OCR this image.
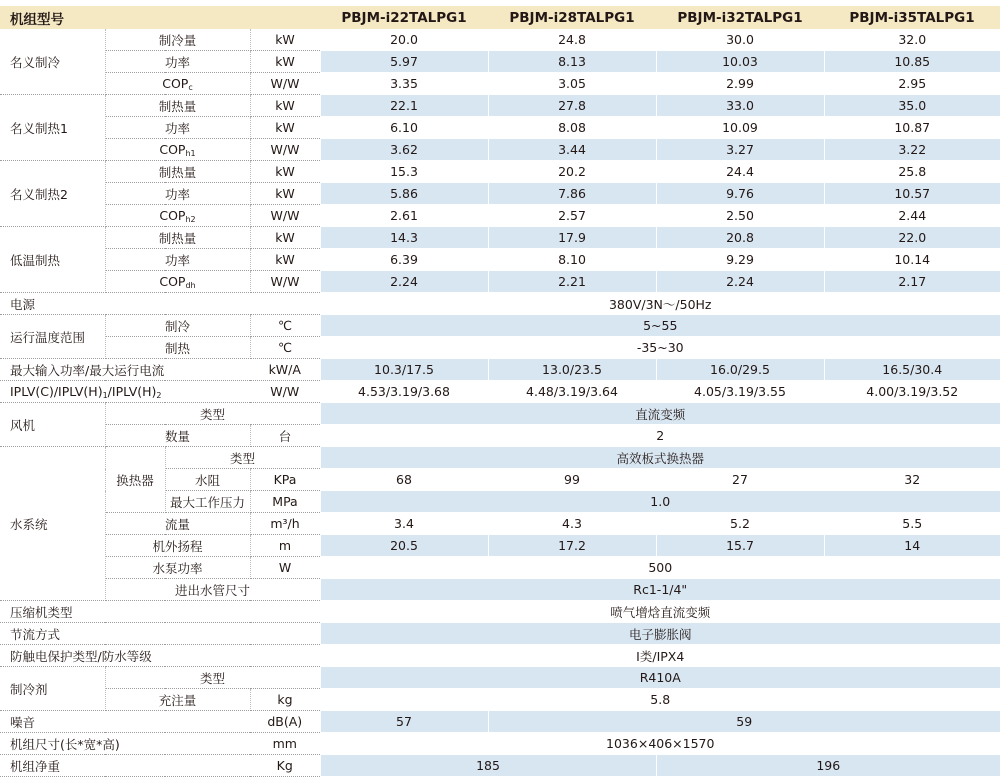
机组型号				PBJM-i22TALPG1	PBJM-i28TALPG1	PBJM-i32TALPG1	PBJM-i35TALPG1
名义制冷	制冷量		kW	20.0	24.8	30.0	32.0
	功率		kW	5.97	8.13	10.03	10.85
	COPc		W/W	3.35	3.05	2.99	2.95
名义制热1	制热量		kW	22.1	27.8	33.0	35.0
	功率		kW	6.10	8.08	10.09	10.87
	COPh1		W/W	3.62	3.44	3.27	3.22
名义制热2	制热量		kW	15.3	20.2	24.4	25.8
	功率		kW	5.86	7.86	9.76	10.57
	COPh2		W/W	2.61	2.57	2.50	2.44
低温制热	制热量		kW	14.3	17.9	20.8	22.0
	功率		kW	6.39	8.10	9.29	10.14
	COPdh		W/W	2.24	2.21	2.24	2.17
电源				380V/3N～/50Hz			
运行温度范围	制冷		℃	5~55			
	制热		℃	-35~30			
最大输入功率/最大运行电流			kW/A	10.3/17.5	13.0/23.5	16.0/29.5	16.5/30.4
IPLV(C)/IPLV(H)1/IPLV(H)2			W/W	4.53/3.19/3.68	4.48/3.19/3.64	4.05/3.19/3.55	4.00/3.19/3.52
风机	类型			直流变频			
	数量		台	2			
水系统	换热器	类型		高效板式换热器			
		水阻	KPa	68	99	27	32
		最大工作压力	MPa	1.0			
	流量		m³/h	3.4	4.3	5.2	5.5
	机外扬程		m	20.5	17.2	15.7	14
	水泵功率		W	500			
	进出水管尺寸			Rc1-1/4"			
压缩机类型				喷气增焓直流变频			
节流方式				电子膨胀阀			
防触电保护类型/防水等级				I类/IPX4			
制冷剂	类型			R410A			
	充注量		kg	5.8			
噪音			dB(A)	57	59		
机组尺寸(长*宽*高)			mm	1036×406×1570			
机组净重			Kg	185		196	
